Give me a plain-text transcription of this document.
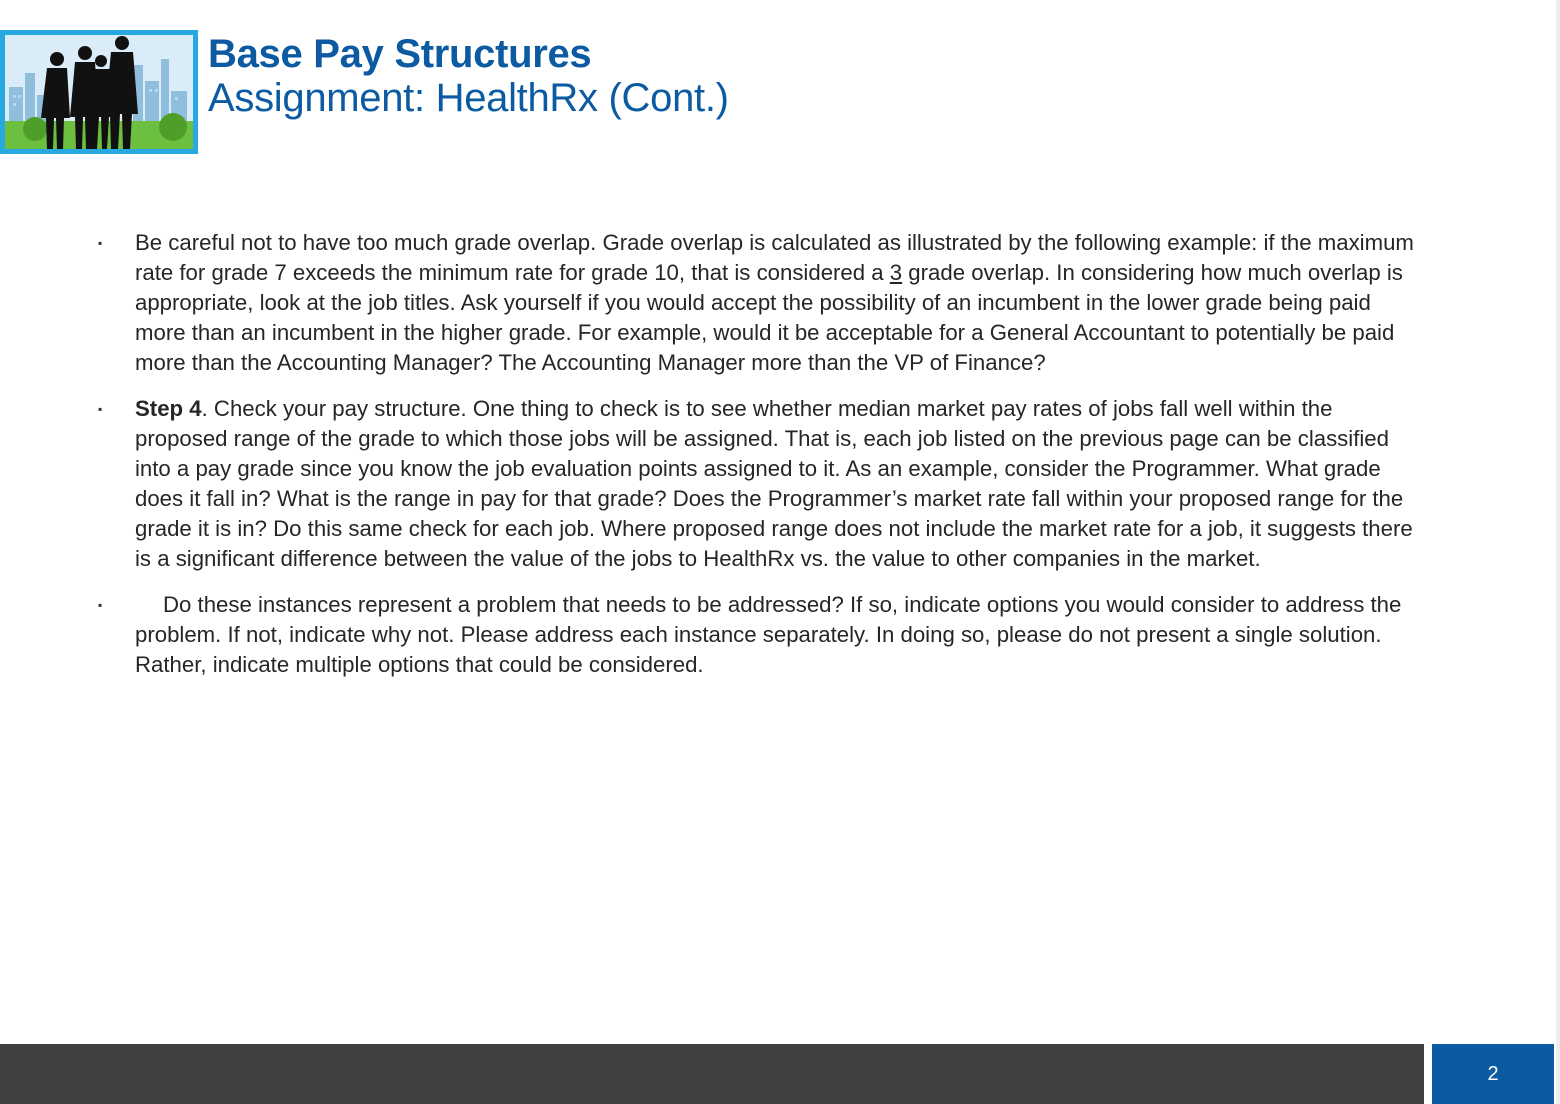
Base Pay Structures
Assignment: HealthRx (Cont.)
▪ Be careful not to have too much grade overlap. Grade overlap is calculated as illustrated by the following example: if the maximum rate for grade 7 exceeds the minimum rate for grade 10, that is considered a 3 grade overlap. In considering how much overlap is appropriate, look at the job titles. Ask yourself if you would accept the possibility of an incumbent in the lower grade being paid more than an incumbent in the higher grade. For example, would it be acceptable for a General Accountant to potentially be paid more than the Accounting Manager? The Accounting Manager more than the VP of Finance?
▪ Step 4. Check your pay structure. One thing to check is to see whether median market pay rates of jobs fall well within the proposed range of the grade to which those jobs will be assigned. That is, each job listed on the previous page can be classified into a pay grade since you know the job evaluation points assigned to it. As an example, consider the Programmer. What grade does it fall in? What is the range in pay for that grade? Does the Programmer’s market rate fall within your proposed range for the grade it is in? Do this same check for each job. Where proposed range does not include the market rate for a job, it suggests there is a significant difference between the value of the jobs to HealthRx vs. the value to other companies in the market.
▪	Do these instances represent a problem that needs to be addressed? If so, indicate options you would consider to address the problem. If not, indicate why not. Please address each instance separately. In doing so, please do not present a single solution. Rather, indicate multiple options that could be considered.
2
